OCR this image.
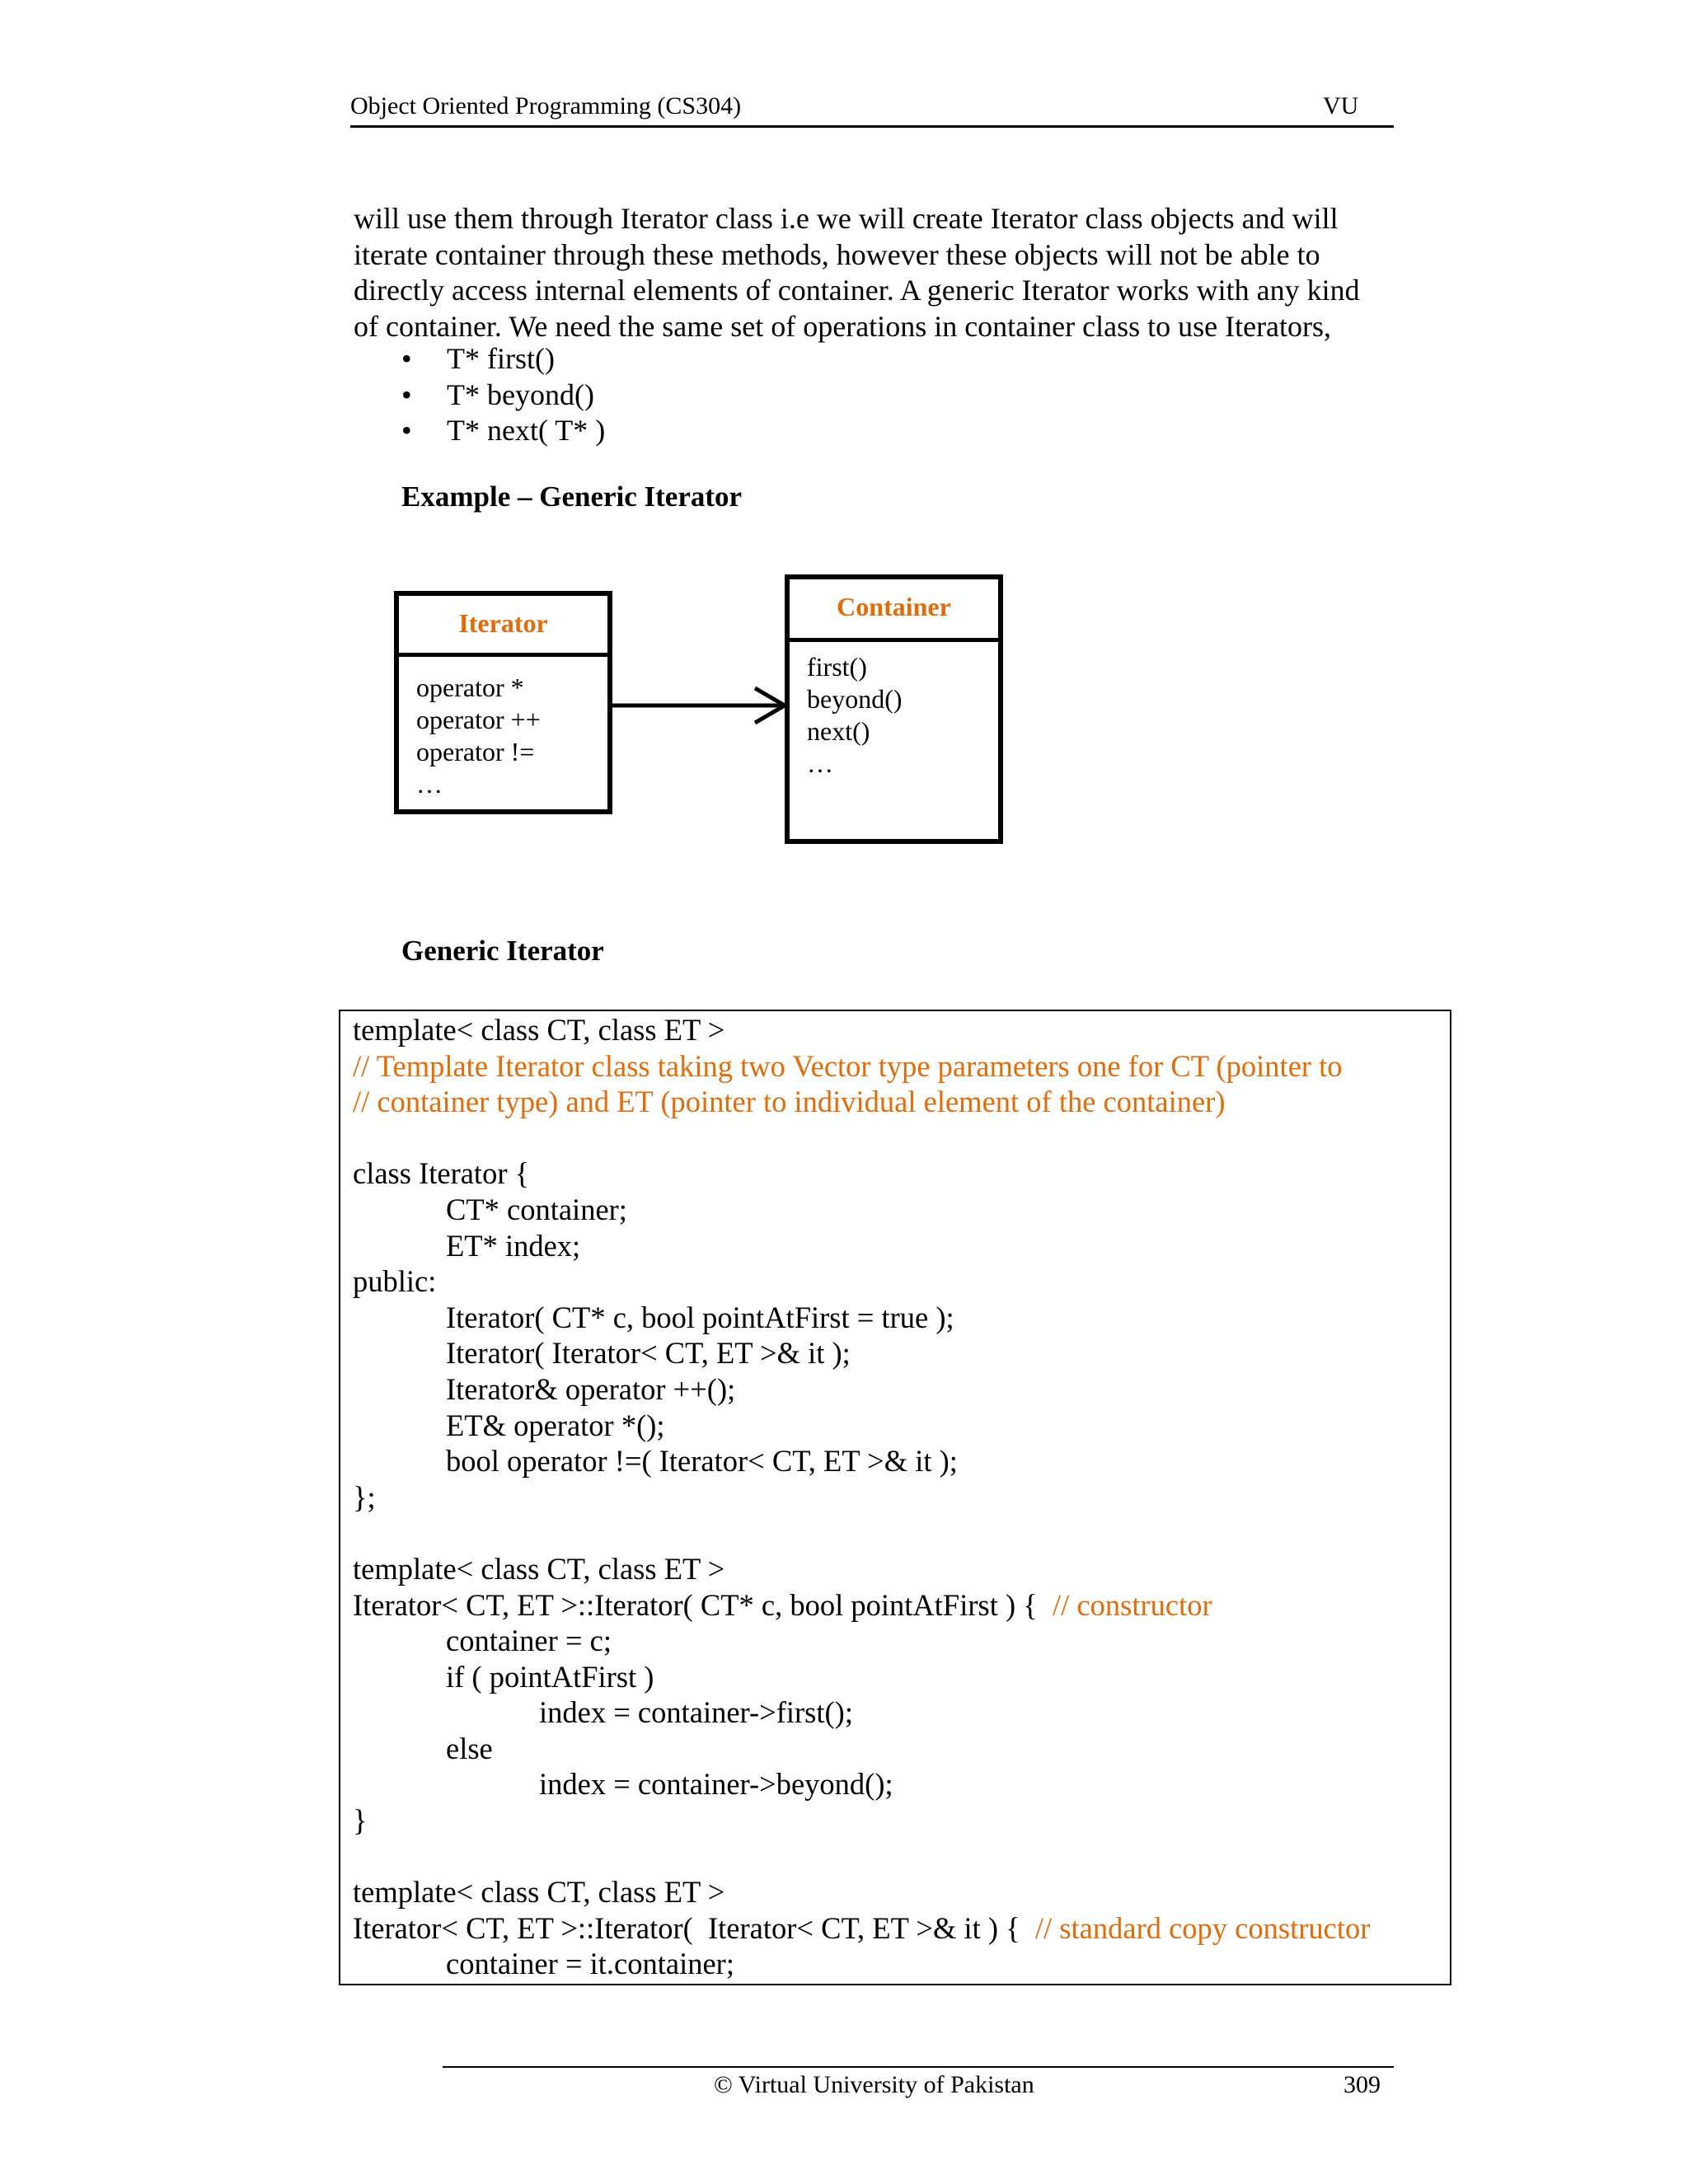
Object Oriented Programming (CS304)	VU

will use them through Iterator class i.e we will create Iterator class objects and will

iterate container through these methods, however these objects will not be able to

directly access internal elements of container. A generic Iterator works with any kind

of container. We need the same set of operations in container class to use Iterators,

• T* first()
• T* beyond()
• T* next( T* )
Example – Generic Iterator
Iterator
operator *
operator ++
operator !=
…
Container
first()
beyond()
next()
…
Generic Iterator
template< class CT, class ET >
// Template Iterator class taking two Vector type parameters one for CT (pointer to
// container type) and ET (pointer to individual element of the container)
class Iterator {
CT* container;
ET* index;
public:
Iterator( CT* c, bool pointAtFirst = true );
Iterator( Iterator< CT, ET >& it );
Iterator& operator ++();
ET& operator *();
bool operator !=( Iterator< CT, ET >& it );
};
template< class CT, class ET >
Iterator< CT, ET >::Iterator( CT* c, bool pointAtFirst ) {  // constructor
container = c;
if ( pointAtFirst )
index = container->first();
else
index = container->beyond();
}
template< class CT, class ET >
Iterator< CT, ET >::Iterator(  Iterator< CT, ET >& it ) {  // standard copy constructor
container = it.container;
© Virtual University of Pakistan	309
